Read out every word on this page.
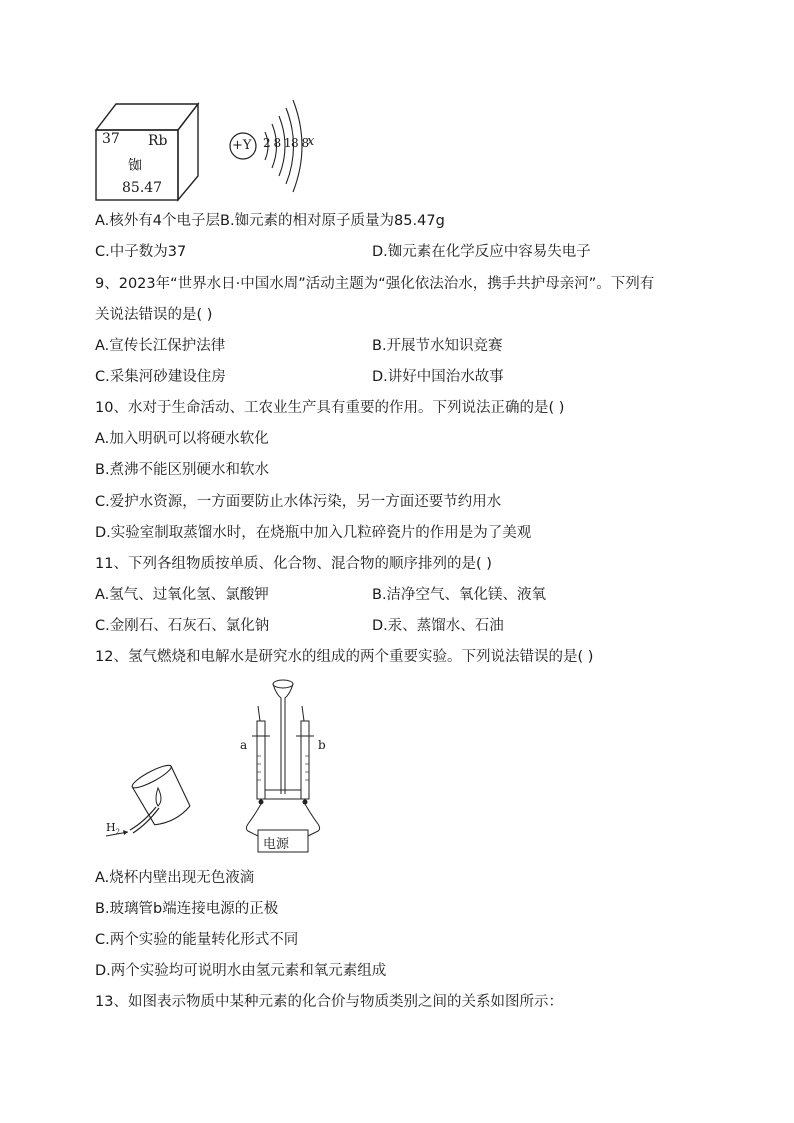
37 Rb
铷
85.47
+Y 2 8 18 8
x
A.核外有4个电子层B.铷元素的相对原子质量为85.47g
C.中子数为37	D.铷元素在化学反应中容易失电子
9、2023年“世界水日·中国水周”活动主题为“强化依法治水，携手共护母亲河”。下列有
关说法错误的是( )
A.宣传长江保护法律	B.开展节水知识竞赛
C.采集河砂建设住房	D.讲好中国治水故事
10、水对于生命活动、工农业生产具有重要的作用。下列说法正确的是( )
A.加入明矾可以将硬水软化
B.煮沸不能区别硬水和软水
C.爱护水资源，一方面要防止水体污染，另一方面还要节约用水
D.实验室制取蒸馏水时，在烧瓶中加入几粒碎瓷片的作用是为了美观
11、下列各组物质按单质、化合物、混合物的顺序排列的是( )
A.氢气、过氧化氢、氯酸钾	B.洁净空气、氧化镁、液氧
C.金刚石、石灰石、氯化钠	D.汞、蒸馏水、石油
12、氢气燃烧和电解水是研究水的组成的两个重要实验。下列说法错误的是( )
$H_2$
a	b
电源
A.烧杯内壁出现无色液滴
B.玻璃管b端连接电源的正极
C.两个实验的能量转化形式不同
D.两个实验均可说明水由氢元素和氧元素组成
13、如图表示物质中某种元素的化合价与物质类别之间的关系如图所示：
